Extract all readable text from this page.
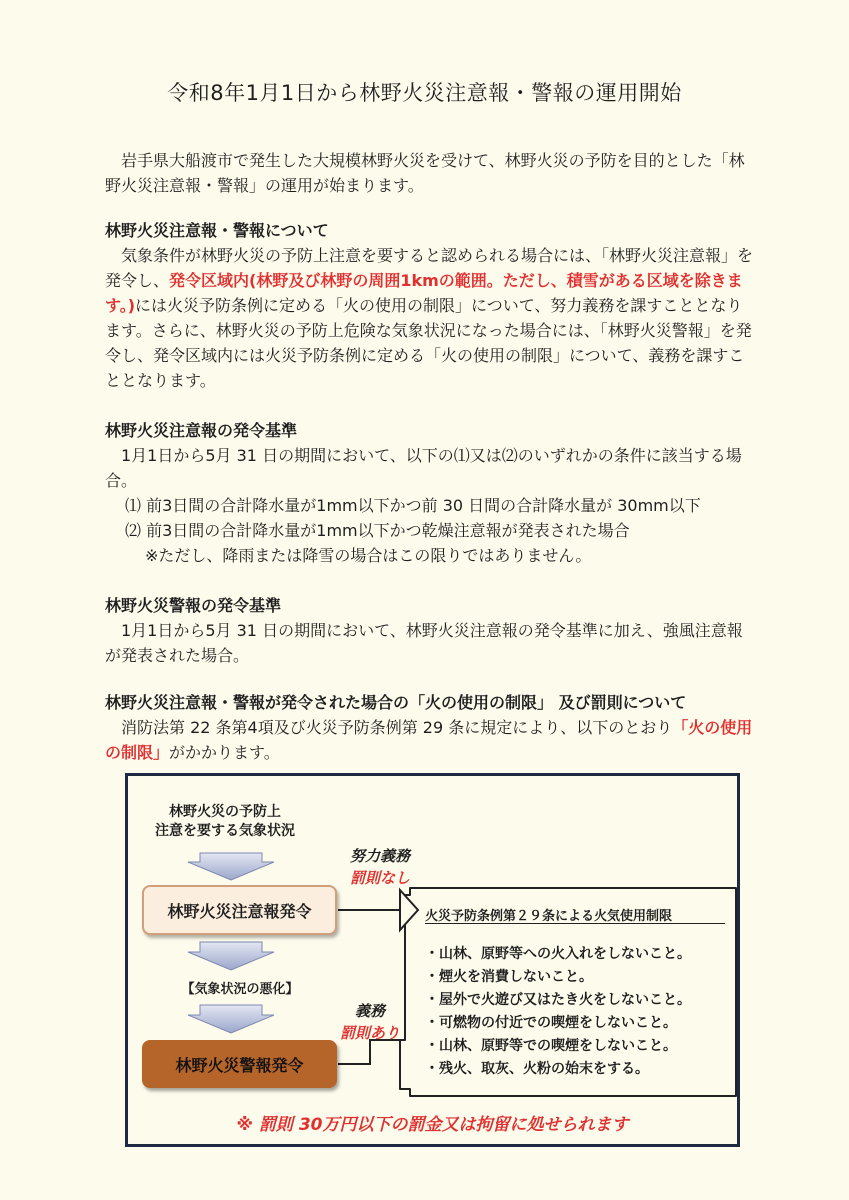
令和8年1月1日から林野火災注意報・警報の運用開始
岩手県大船渡市で発生した大規模林野火災を受けて、林野火災の予防を目的とした「林野火災注意報・警報」の運用が始まります。
林野火災注意報・警報について
気象条件が林野火災の予防上注意を要すると認められる場合には、「林野火災注意報」を発令し、発令区域内(林野及び林野の周囲1kmの範囲。ただし、積雪がある区域を除きます。)には火災予防条例に定める「火の使用の制限」について、努力義務を課すこととなります。さらに、林野火災の予防上危険な気象状況になった場合には、「林野火災警報」を発令し、発令区域内には火災予防条例に定める「火の使用の制限」について、義務を課すこととなります。
林野火災注意報の発令基準
1月1日から5月 31 日の期間において、以下の⑴又は⑵のいずれかの条件に該当する場合。
⑴ 前3日間の合計降水量が1mm以下かつ前 30 日間の合計降水量が 30mm以下
⑵ 前3日間の合計降水量が1mm以下かつ乾燥注意報が発表された場合
※ただし、降雨または降雪の場合はこの限りではありません。
林野火災警報の発令基準
1月1日から5月 31 日の期間において、林野火災注意報の発令基準に加え、強風注意報が発表された場合。
林野火災注意報・警報が発令された場合の「火の使用の制限」 及び罰則について
消防法第 22 条第4項及び火災予防条例第 29 条に規定により、以下のとおり「火の使用の制限」がかかります。
林野火災の予防上
注意を要する気象状況
林野火災注意報発令
【気象状況の悪化】
林野火災警報発令
努力義務
罰則なし
義務
罰則あり
火災予防条例第２９条による火気使用制限
・山林、原野等への火入れをしないこと。
・煙火を消費しないこと。
・屋外で火遊び又はたき火をしないこと。
・可燃物の付近での喫煙をしないこと。
・山林、原野等での喫煙をしないこと。
・残火、取灰、火粉の始末をする。
※ 罰則 30万円以下の罰金又は拘留に処せられます
